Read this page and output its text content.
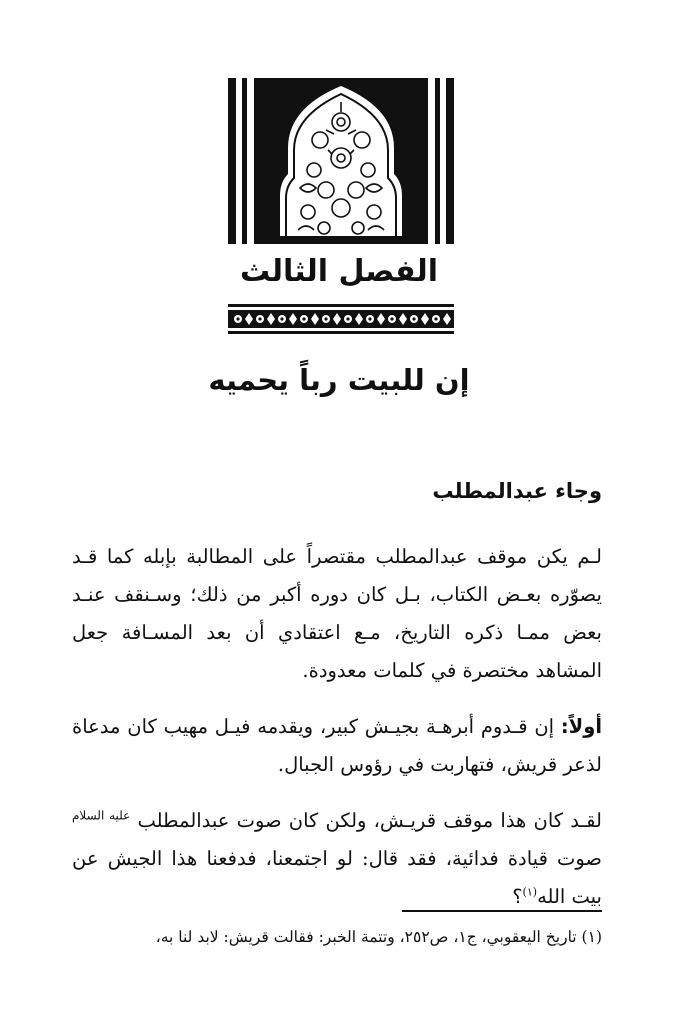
الفصل الثالث
إن للبيت رباً يحميه
وجاء عبدالمطلب

لـم يكن موقف عبدالمطلب مقتصراً على المطالبة بإبله كما قـد يصوّره بعـض الكتاب، بـل كان دوره أكبر من ذلك؛ وسـنقف عنـد بعض ممـا ذكره التاريخ، مـع اعتقادي أن بعد المسـافة جعل المشاهد مختصرة في كلمات معدودة.

أولاً: إن قـدوم أبرهـة بجيـش كبير، ويقدمه فيـل مهيب كان مدعاة لذعر قريش، فتهاربت في رؤوس الجبال.

لقـد كان هذا موقف قريـش، ولكن كان صوت عبدالمطلب $^{عليه السلام}$ صوت قيادة فدائية، فقد قال: لو اجتمعنا، فدفعنا هذا الجيش عن بيت الله$^{(١)}$؟

(١) تاريخ اليعقوبي، ج١، ص٢٥٢، وتتمة الخبر: فقالت قريش: لابد لنا به،
